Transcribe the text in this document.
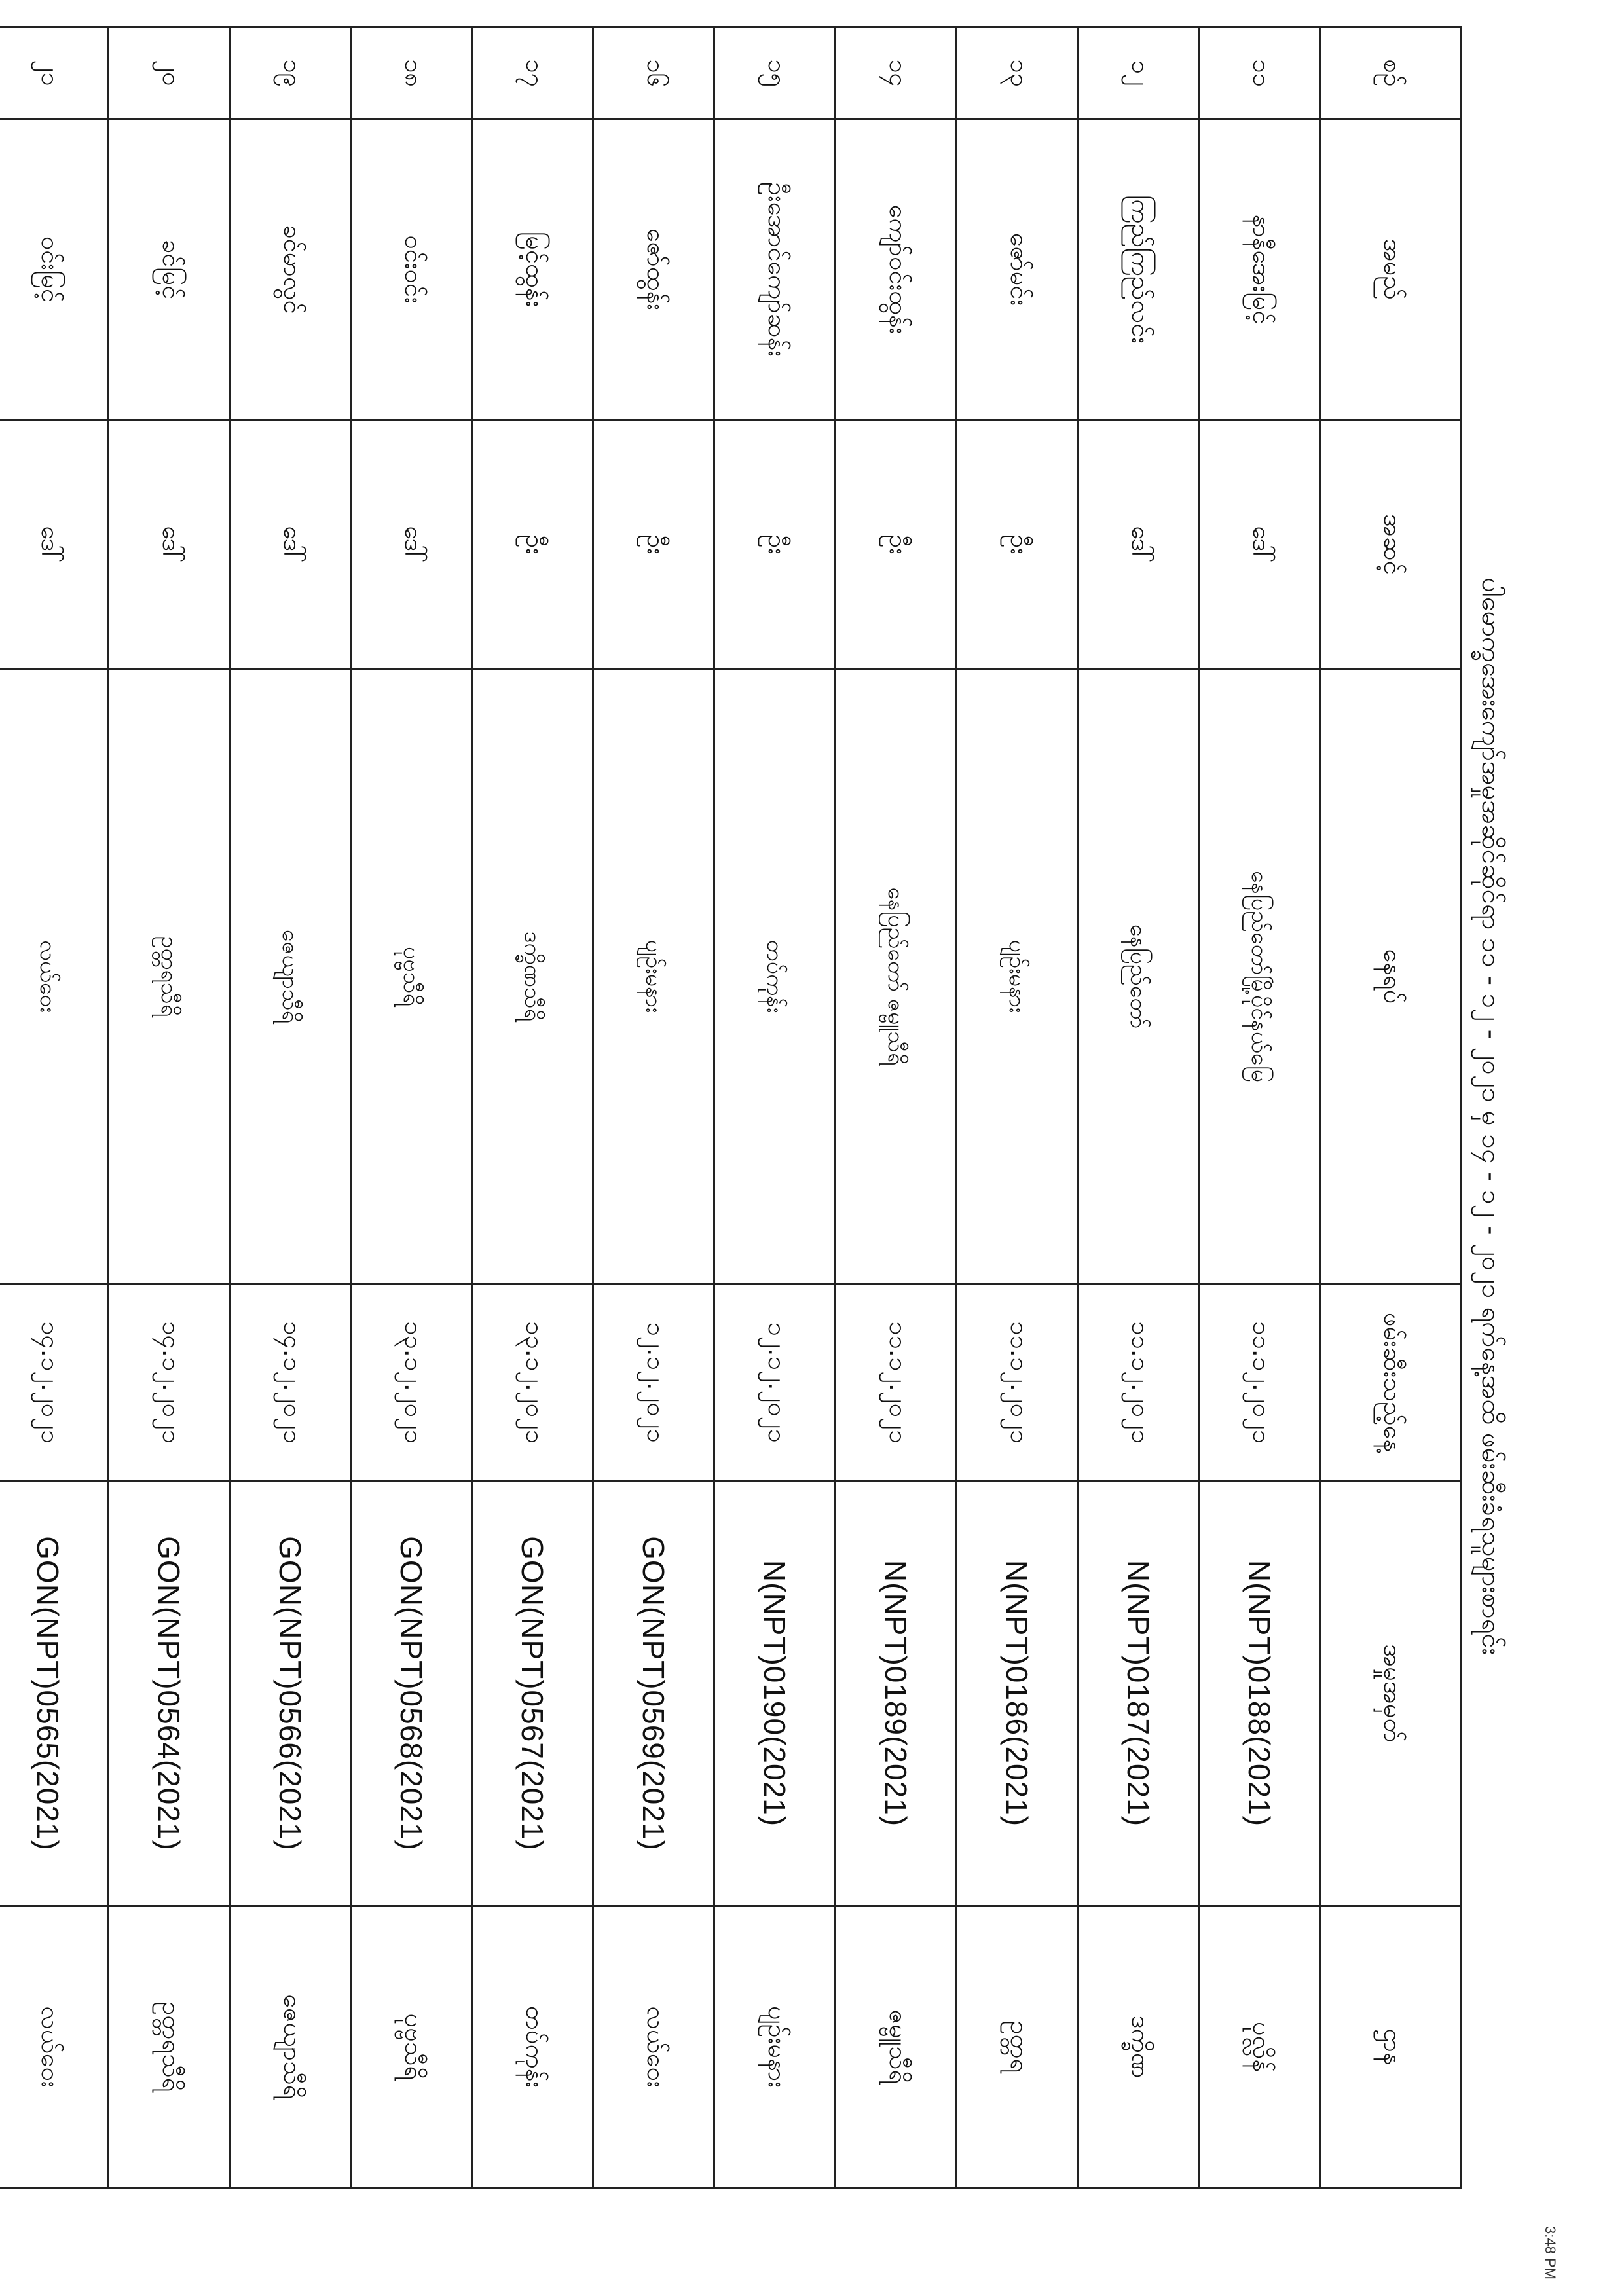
ပါမောက္ခအေးကျော်အမှုအဆိုင်ဆိုင်ရာ ၁၁ - ၁၂ - ၂၀၂၁ မှ ၁၄ - ၁၂ - ၂၀၂၁ ရက်နေ့အထိ ဖမ်းဆီးခံရသူများစာရင်း
စဉ်	အမည်	အဆင့်	နေရပ်	ဖမ်းဆီးသည့်နေ့	အမှုအမှတ်	ဌာန
၁၁	နာနီအေးမြင့်	ဒေါ်	နေပြည်တော်မြို့ပိုင်နယ်မြေ	၁၁.၁၂.၂၀၂၁	N(NPT)0188(2021)	ပုလ္လိန်
၁၂	ကြည်ကြည်လင်း	ဒေါ်	နေပြည်တော်	၁၁.၁၂.၂၀၂၁	N(NPT)0187(2021)	ဒက္ခိဏ
၁၃	ဇော်မင်း	ဦး	ပျဉ်းမနား	၁၁.၁၂.၂၀၂၁	N(NPT)0186(2021)	ဥတ္တရ
၁၄	ကျော်ဝင်းထွန်း	ဦး	နေပြည်တော် ဇမ္ဗူသီရိ	၁၁.၁၂.၂၀၂၁	N(NPT)0189(2021)	ဇမ္ဗူသီရိ
၁၅	ဦးအောင်ကျော်ဆန်း	ဦး	တပ်ကုန်း	၁၂.၁၂.၂၀၂၁	N(NPT)0190(2021)	ပျဉ်းမနား
၁၆	ဇော်ထွန်း	ဦး	ပျဉ်းမနား	၁၂.၁၂.၂၀၂၁	GON(NPT)0569(2021)	လယ်ဝေး
၁၇	မြင့်ထွန်း	ဦး	ဒက္ခိဏသီရိ	၁၃.၁၂.၂၀၂၁	GON(NPT)0567(2021)	တပ်ကုန်း
၁၈	ဝင်းဝင်း	ဒေါ်	ပုဗ္ဗသီရိ	၁၃.၁၂.၂၀၂၁	GON(NPT)0568(2021)	ပုဗ္ဗသီရိ
၁၉	ခင်မာလွင်	ဒေါ်	ဇေယျာသီရိ	၁၄.၁၂.၂၀၂၁	GON(NPT)0566(2021)	ဇေယျာသီရိ
၂၀	ခင်မြင့်	ဒေါ်	ဥတ္တရသီရိ	၁၄.၁၂.၂၀၂၁	GON(NPT)0564(2021)	ဥတ္တရသီရိ
၂၁	ဝင်းမြင့်	ဒေါ်	လယ်ဝေး	၁၄.၁၂.၂၀၂၁	GON(NPT)0565(2021)	လယ်ဝေး
3:48 PM
